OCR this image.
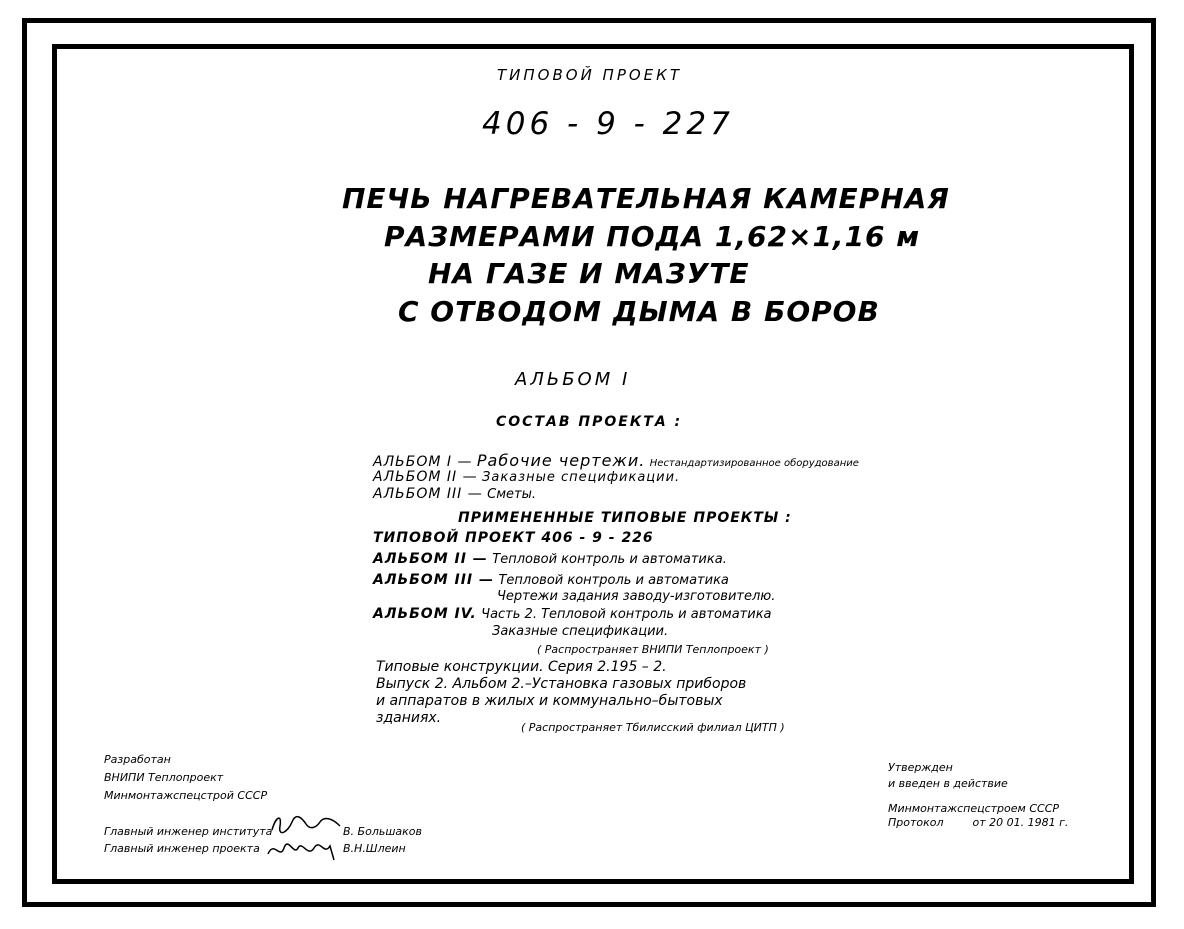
ТИПОВОЙ ПРОЕКТ
406 - 9 - 227
ПЕЧЬ НАГРЕВАТЕЛЬНАЯ КАМЕРНАЯ
РАЗМЕРАМИ ПОДА 1,62×1,16 м
НА ГАЗЕ И МАЗУТЕ
С ОТВОДОМ ДЫМА В БОРОВ
АЛЬБОМ I
СОСТАВ ПРОЕКТА :
АЛЬБОМ I — Рабочие чертежи. Нестандартизированное оборудование
АЛЬБОМ II — Заказные спецификации.
АЛЬБОМ III — Сметы.
ПРИМЕНЕННЫЕ ТИПОВЫЕ ПРОЕКТЫ :
ТИПОВОЙ ПРОЕКТ 406 - 9 - 226
АЛЬБОМ II — Тепловой контроль и автоматика.
АЛЬБОМ III — Тепловой контроль и автоматика
Чертежи задания заводу-изготовителю.
АЛЬБОМ IV. Часть 2. Тепловой контроль и автоматика
Заказные спецификации.
( Распространяет ВНИПИ Теплопроект )
Типовые конструкции. Серия 2.195 – 2.
Выпуск 2. Альбом 2.–Установка газовых приборов
и аппаратов в жилых и коммунально–бытовых
зданиях.
( Распространяет Тбилисский филиал ЦИТП )
Разработан
ВНИПИ Теплопроект
Минмонтажспецстрой СССР
Главный инженер института	В. Большаков
Главный инженер проекта	В.Н.Шлеин
Утвержден
и введен в действие
Минмонтажспецстроем СССР
Протокол	от 20 01. 1981 г.
